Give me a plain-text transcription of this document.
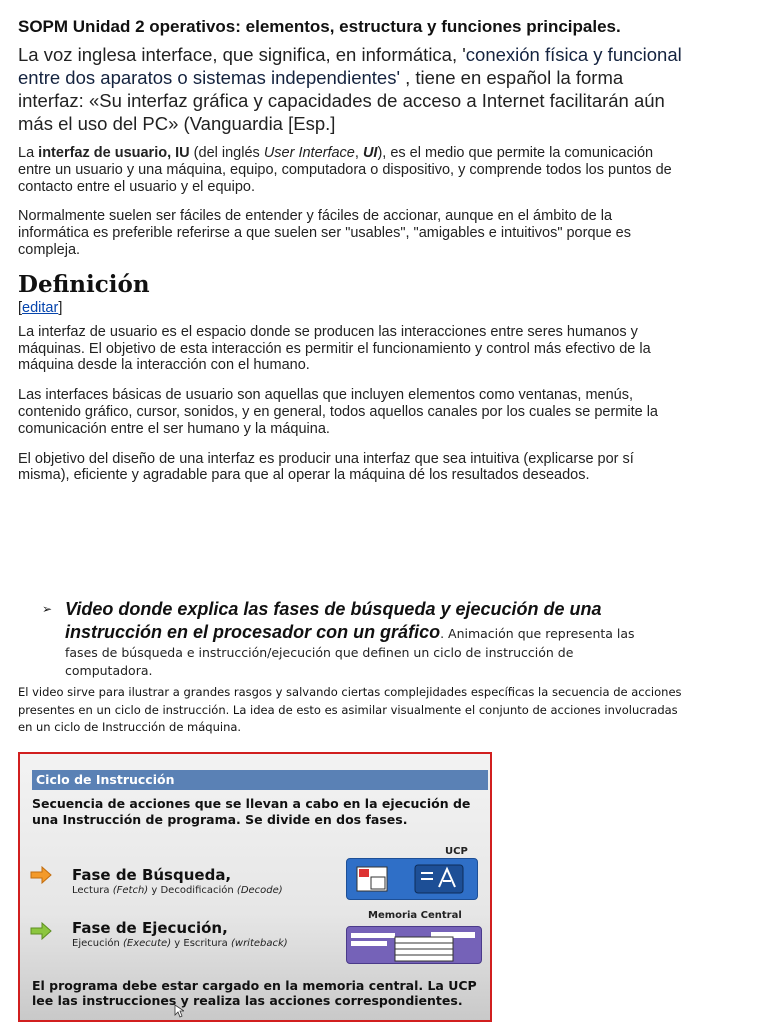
SOPM Unidad 2 operativos: elementos, estructura y funciones principales.

La voz inglesa interface, que significa, en informática, 'conexión física y funcional entre dos aparatos o sistemas independientes' , tiene en español la forma interfaz: «Su interfaz gráfica y capacidades de acceso a Internet facilitarán aún más el uso del PC» (Vanguardia [Esp.]

La interfaz de usuario, IU (del inglés User Interface, UI), es el medio que permite la comunicación entre un usuario y una máquina, equipo, computadora o dispositivo, y comprende todos los puntos de contacto entre el usuario y el equipo.

Normalmente suelen ser fáciles de entender y fáciles de accionar, aunque en el ámbito de la informática es preferible referirse a que suelen ser "usables", "amigables e intuitivos" porque es compleja.

Definición
[editar]

La interfaz de usuario es el espacio donde se producen las interacciones entre seres humanos y máquinas. El objetivo de esta interacción es permitir el funcionamiento y control más efectivo de la máquina desde la interacción con el humano.

Las interfaces básicas de usuario son aquellas que incluyen elementos como ventanas, menús, contenido gráfico, cursor, sonidos, y en general, todos aquellos canales por los cuales se permite la comunicación entre el ser humano y la máquina.

El objetivo del diseño de una interfaz es producir una interfaz que sea intuitiva (explicarse por sí misma), eficiente y agradable para que al operar la máquina dé los resultados deseados.

➢ Video donde explica las fases de búsqueda y ejecución de una instrucción en el procesador con un gráfico. Animación que representa las fases de búsqueda e instrucción/ejecución que definen un ciclo de instrucción de computadora.
El video sirve para ilustrar a grandes rasgos y salvando ciertas complejidades específicas la secuencia de acciones presentes en un ciclo de instrucción. La idea de esto es asimilar visualmente el conjunto de acciones involucradas en un ciclo de Instrucción de máquina.
Ciclo de Instrucción
Secuencia de acciones que se llevan a cabo en la ejecución de una Instrucción de programa. Se divide en dos fases.
Fase de Búsqueda,
Lectura (Fetch) y Decodificación (Decode)
Fase de Ejecución,
Ejecución (Execute) y Escritura (writeback)
UCP
Memoria Central
El programa debe estar cargado en la memoria central. La UCP lee las instrucciones y realiza las acciones correspondientes.
